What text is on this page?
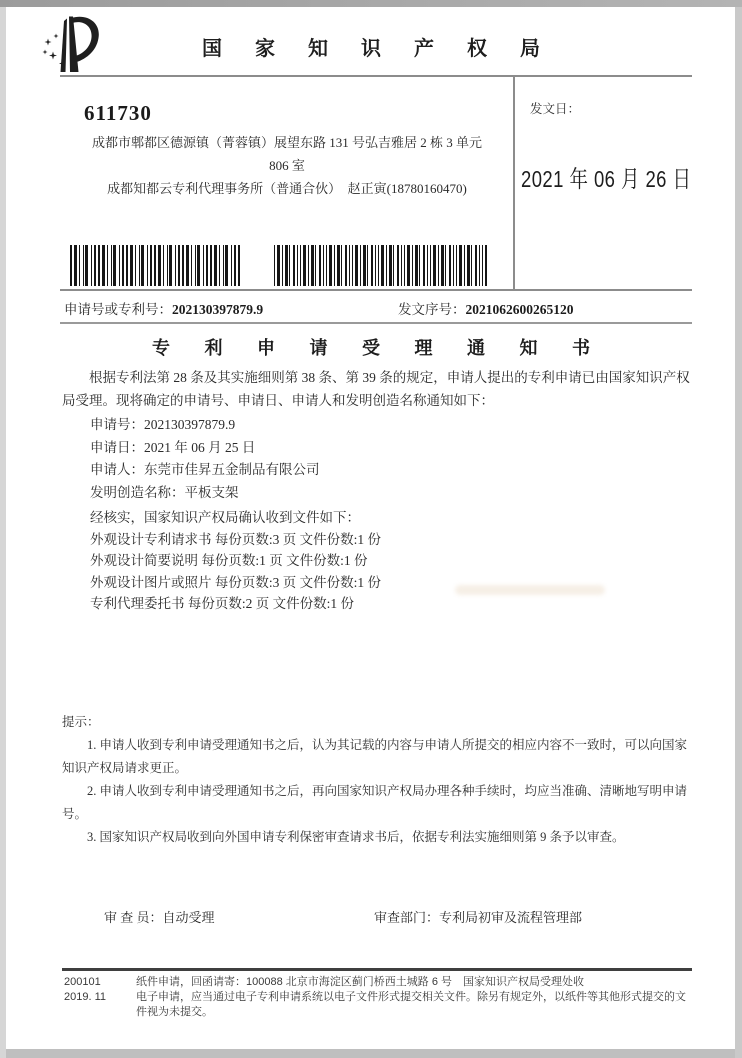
国 家 知 识 产 权 局
611730
成都市郫都区德源镇（菁蓉镇）展望东路 131 号弘吉雅居 2 栋 3 单元
806 室
成都知都云专利代理事务所（普通合伙）　赵正寅(18780160470)
发文日：
2021 年 06 月 26 日
申请号或专利号：202130397879.9	发文序号：2021062600265120
专 利 申 请 受 理 通 知 书
根据专利法第 28 条及其实施细则第 38 条、第 39 条的规定，申请人提出的专利申请已由国家知识产权局受理。现将确定的申请号、申请日、申请人和发明创造名称通知如下：
申请号：202130397879.9
申请日：2021 年 06 月 25 日
申请人：东莞市佳昇五金制品有限公司
发明创造名称：平板支架
经核实，国家知识产权局确认收到文件如下：
外观设计专利请求书 每份页数:3 页 文件份数:1 份
外观设计简要说明 每份页数:1 页 文件份数:1 份
外观设计图片或照片 每份页数:3 页 文件份数:1 份
专利代理委托书 每份页数:2 页 文件份数:1 份
提示：
1. 申请人收到专利申请受理通知书之后，认为其记载的内容与申请人所提交的相应内容不一致时，可以向国家知识产权局请求更正。
2. 申请人收到专利申请受理通知书之后，再向国家知识产权局办理各种手续时，均应当准确、清晰地写明申请号。
3. 国家知识产权局收到向外国申请专利保密审查请求书后，依据专利法实施细则第 9 条予以审查。
审 查 员：自动受理	审查部门：专利局初审及流程管理部
200101	纸件申请，回函请寄：100088 北京市海淀区蓟门桥西土城路 6 号　国家知识产权局受理处收
2019. 11	电子申请，应当通过电子专利申请系统以电子文件形式提交相关文件。除另有规定外，以纸件等其他形式提交的文件视为未提交。
